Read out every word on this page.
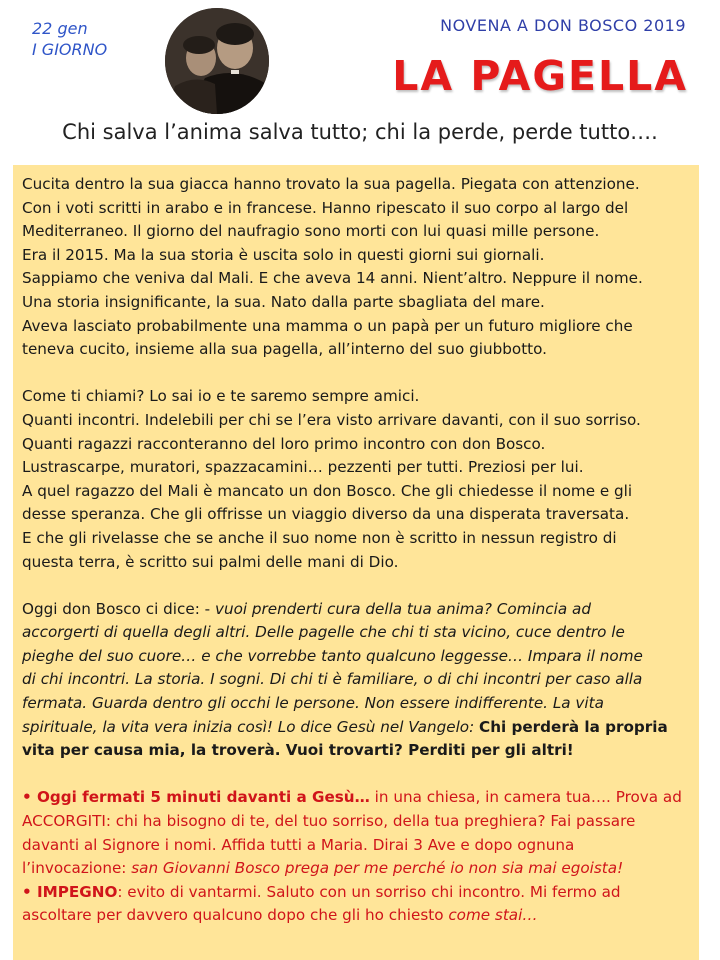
22 gen
I GIORNO
NOVENA A DON BOSCO 2019
LA PAGELLA
Chi salva l’anima salva tutto; chi la perde, perde tutto….

Cucita dentro la sua giacca hanno trovato la sua pagella. Piegata con attenzione.

Con i voti scritti in arabo e in francese. Hanno ripescato il suo corpo al largo del

Mediterraneo. Il giorno del naufragio sono morti con lui quasi mille persone.

Era il 2015. Ma la sua storia è uscita solo in questi giorni sui giornali.

Sappiamo che veniva dal Mali. E che aveva 14 anni. Nient’altro. Neppure il nome.

Una storia insignificante, la sua. Nato dalla parte sbagliata del mare.

Aveva lasciato probabilmente una mamma o un papà per un futuro migliore che

teneva cucito, insieme alla sua pagella, all’interno del suo giubbotto.

Come ti chiami? Lo sai io e te saremo sempre amici.

Quanti incontri. Indelebili per chi se l’era visto arrivare davanti, con il suo sorriso.

Quanti ragazzi racconteranno del loro primo incontro con don Bosco.

Lustrascarpe, muratori, spazzacamini… pezzenti per tutti. Preziosi per lui.

A quel ragazzo del Mali è mancato un don Bosco. Che gli chiedesse il nome e gli

desse speranza. Che gli offrisse un viaggio diverso da una disperata traversata.

E che gli rivelasse che se anche il suo nome non è scritto in nessun registro di

questa terra, è scritto sui palmi delle mani di Dio.

Oggi don Bosco ci dice: - vuoi prenderti cura della tua anima? Comincia ad

accorgerti di quella degli altri. Delle pagelle che chi ti sta vicino, cuce dentro le

pieghe del suo cuore… e che vorrebbe tanto qualcuno leggesse… Impara il nome

di chi incontri. La storia. I sogni. Di chi ti è familiare, o di chi incontri per caso alla

fermata. Guarda dentro gli occhi le persone. Non essere indifferente. La vita

spirituale, la vita vera inizia così! Lo dice Gesù nel Vangelo: Chi perderà la propria

vita per causa mia, la troverà. Vuoi trovarti? Perditi per gli altri!

• Oggi fermati 5 minuti davanti a Gesù… in una chiesa, in camera tua…. Prova ad

ACCORGITI: chi ha bisogno di te, del tuo sorriso, della tua preghiera? Fai passare

davanti al Signore i nomi. Affida tutti a Maria. Dirai 3 Ave e dopo ognuna

l’invocazione: san Giovanni Bosco prega per me perché io non sia mai egoista!

• IMPEGNO: evito di vantarmi. Saluto con un sorriso chi incontro. Mi fermo ad

ascoltare per davvero qualcuno dopo che gli ho chiesto come stai…
